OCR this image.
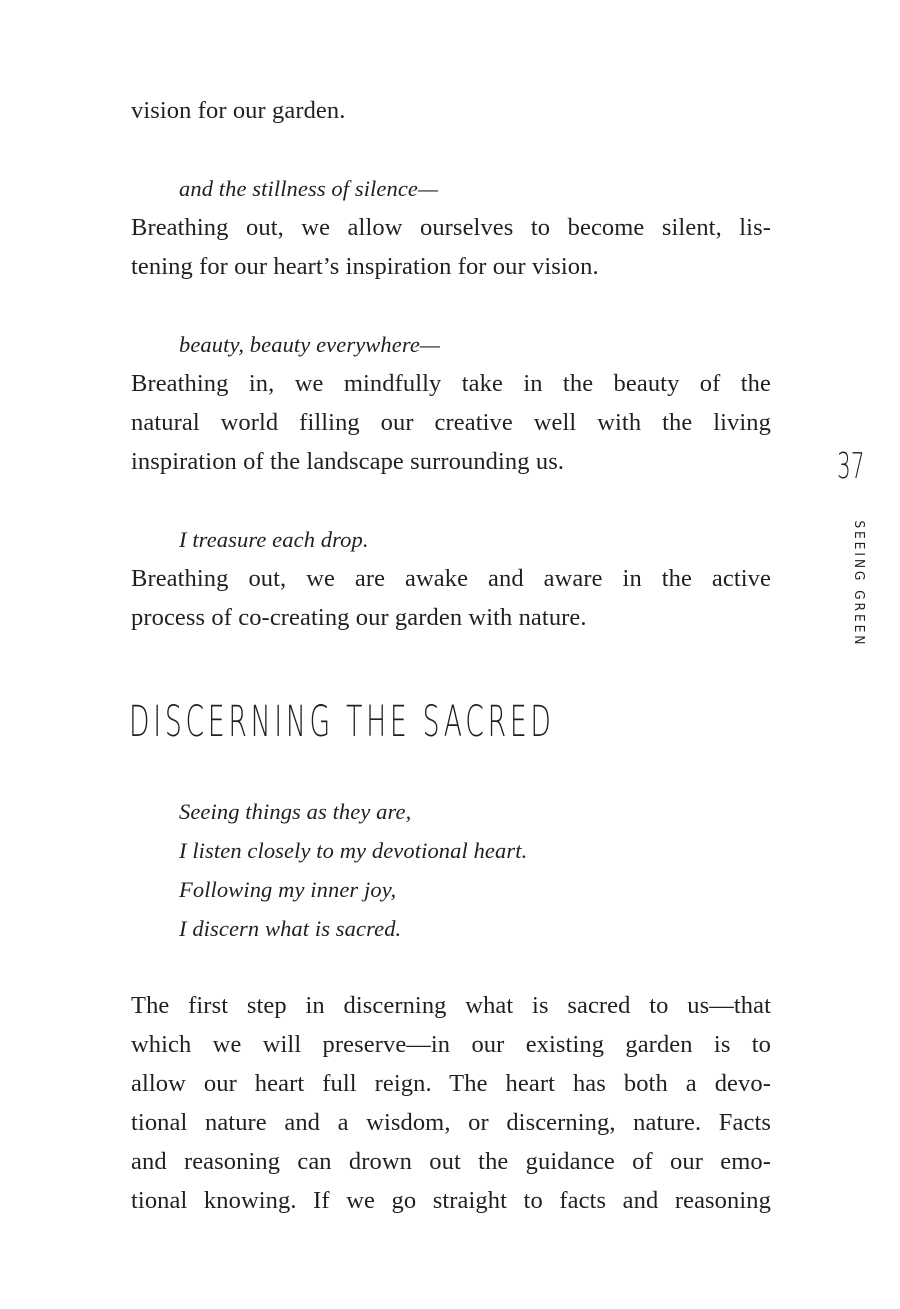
vision for our garden.
and the stillness of silence—
Breathing out, we allow ourselves to become silent, lis-
tening for our heart’s inspiration for our vision.
beauty, beauty everywhere—
Breathing in, we mindfully take in the beauty of the
natural world filling our creative well with the living
inspiration of the landscape surrounding us.
I treasure each drop.
Breathing out, we are awake and aware in the active
process of co-creating our garden with nature.
DISCERNING THE SACRED
Seeing things as they are,
I listen closely to my devotional heart.
Following my inner joy,
I discern what is sacred.
The first step in discerning what is sacred to us—that
which we will preserve—in our existing garden is to
allow our heart full reign. The heart has both a devo-
tional nature and a wisdom, or discerning, nature. Facts
and reasoning can drown out the guidance of our emo-
tional knowing. If we go straight to facts and reasoning
37
SEEING GREEN
